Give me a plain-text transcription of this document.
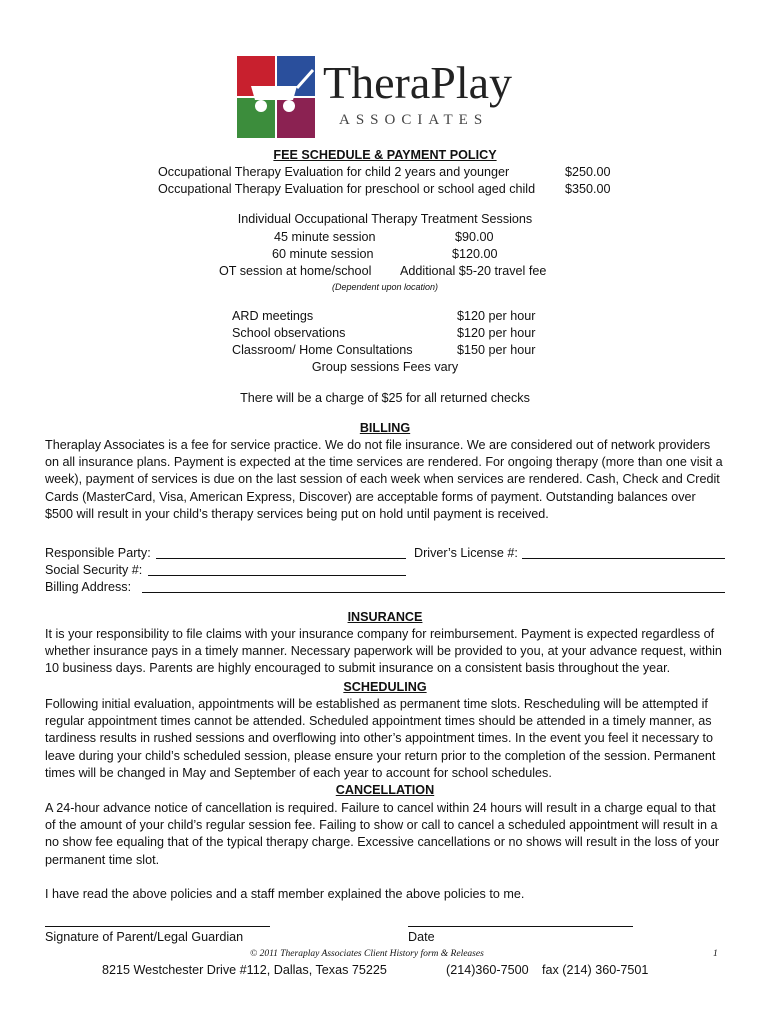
TheraPlay
ASSOCIATES
FEE SCHEDULE & PAYMENT POLICY
Occupational Therapy Evaluation for child 2 years and younger	$250.00
Occupational Therapy Evaluation for preschool or school aged child $350.00
Individual Occupational Therapy Treatment Sessions
45 minute session	$90.00
60 minute session	$120.00
OT session at home/school Additional $5-20 travel fee
(Dependent upon location)
ARD meetings	$120 per hour
School observations	$120 per hour
Classroom/ Home Consultations	$150 per hour
Group sessions Fees vary
There will be a charge of $25 for all returned checks
BILLING
Theraplay Associates is a fee for service practice. We do not file insurance. We are considered out of network providers on all insurance plans. Payment is expected at the time services are rendered. For ongoing therapy (more than one visit a week), payment of services is due on the last session of each week when services are rendered. Cash, Check and Credit Cards (MasterCard, Visa, American Express, Discover) are acceptable forms of payment. Outstanding balances over $500 will result in your child’s therapy services being put on hold until payment is received.
Responsible Party:	Driver’s License #:
Social Security #:
Billing Address:
INSURANCE
It is your responsibility to file claims with your insurance company for reimbursement. Payment is expected regardless of whether insurance pays in a timely manner. Necessary paperwork will be provided to you, at your advance request, within 10 business days. Parents are highly encouraged to submit insurance on a consistent basis throughout the year.
SCHEDULING
Following initial evaluation, appointments will be established as permanent time slots. Rescheduling will be attempted if regular appointment times cannot be attended. Scheduled appointment times should be attended in a timely manner, as tardiness results in rushed sessions and overflowing into other’s appointment times. In the event you feel it necessary to leave during your child’s scheduled session, please ensure your return prior to the completion of the session. Permanent times will be changed in May and September of each year to account for school schedules.
CANCELLATION
A 24-hour advance notice of cancellation is required. Failure to cancel within 24 hours will result in a charge equal to that of the amount of your child’s regular session fee. Failing to show or call to cancel a scheduled appointment will result in a no show fee equaling that of the typical therapy charge. Excessive cancellations or no shows will result in the loss of your permanent time slot.
I have read the above policies and a staff member explained the above policies to me.
Signature of Parent/Legal Guardian	Date
© 2011 Theraplay Associates Client History form & Releases	1
8215 Westchester Drive #112, Dallas, Texas 75225	(214)360-7500 fax (214) 360-7501
